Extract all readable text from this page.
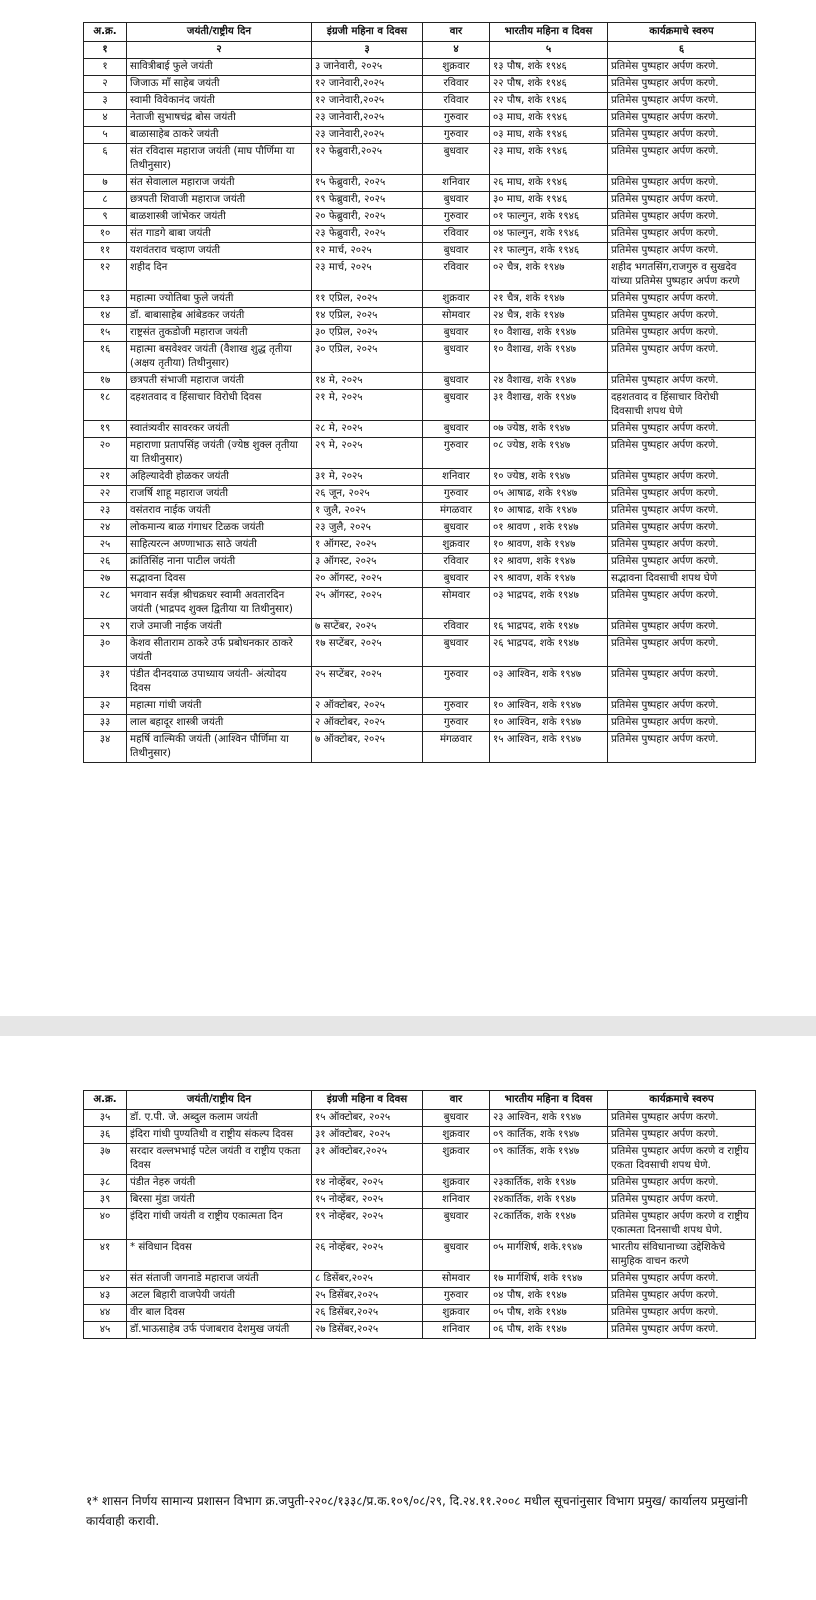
अ.क्र.	जयंती/राष्ट्रीय दिन	इंग्रजी महिना व दिवस	वार	भारतीय महिना व दिवस	कार्यक्रमाचे स्वरुप
१	२	३	४	५	६
१	सावित्रीबाई फुले जयंती	३ जानेवारी, २०२५	शुक्रवार	१३ पौष, शके १९४६	प्रतिमेस पुष्पहार अर्पण करणे.
२	जिजाऊ माँ साहेब जयंती	१२ जानेवारी,२०२५	रविवार	२२ पौष, शके १९४६	प्रतिमेस पुष्पहार अर्पण करणे.
३	स्वामी विवेकानंद जयंती	१२ जानेवारी,२०२५	रविवार	२२ पौष, शके १९४६	प्रतिमेस पुष्पहार अर्पण करणे.
४	नेताजी सुभाषचंद्र बोस जयंती	२३ जानेवारी,२०२५	गुरुवार	०३ माघ, शके १९४६	प्रतिमेस पुष्पहार अर्पण करणे.
५	बाळासाहेब ठाकरे जयंती	२३ जानेवारी,२०२५	गुरुवार	०३ माघ, शके १९४६	प्रतिमेस पुष्पहार अर्पण करणे.
६	संत रविदास महाराज जयंती (माघ पौर्णिमा या तिथीनुसार)	१२ फेब्रुवारी,२०२५	बुधवार	२३ माघ, शके १९४६	प्रतिमेस पुष्पहार अर्पण करणे.
७	संत सेवालाल महाराज जयंती	१५ फेब्रुवारी, २०२५	शनिवार	२६ माघ, शके १९४६	प्रतिमेस पुष्पहार अर्पण करणे.
८	छत्रपती शिवाजी महाराज जयंती	१९ फेब्रुवारी, २०२५	बुधवार	३० माघ, शके १९४६	प्रतिमेस पुष्पहार अर्पण करणे.
९	बाळशास्त्री जांभेकर जयंती	२० फेब्रुवारी, २०२५	गुरुवार	०१ फाल्गुन, शके १९४६	प्रतिमेस पुष्पहार अर्पण करणे.
१०	संत गाडगे बाबा जयंती	२३ फेब्रुवारी, २०२५	रविवार	०४ फाल्गुन, शके १९४६	प्रतिमेस पुष्पहार अर्पण करणे.
११	यशवंतराव चव्हाण जयंती	१२ मार्च, २०२५	बुधवार	२१ फाल्गुन, शके १९४६	प्रतिमेस पुष्पहार अर्पण करणे.
१२	शहीद दिन	२३ मार्च, २०२५	रविवार	०२ चैत्र, शके १९४७	शहीद भगतसिंग,राजगुरु व सुखदेव यांच्या प्रतिमेस पुष्पहार अर्पण करणे
१३	महात्मा ज्योतिबा फुले जयंती	११ एप्रिल, २०२५	शुक्रवार	२१ चैत्र, शके १९४७	प्रतिमेस पुष्पहार अर्पण करणे.
१४	डॉ. बाबासाहेब आंबेडकर जयंती	१४ एप्रिल, २०२५	सोमवार	२४ चैत्र, शके १९४७	प्रतिमेस पुष्पहार अर्पण करणे.
१५	राष्ट्रसंत तुकडोजी महाराज जयंती	३० एप्रिल, २०२५	बुधवार	१० वैशाख, शके १९४७	प्रतिमेस पुष्पहार अर्पण करणे.
१६	महात्मा बसवेश्वर जयंती (वैशाख शुद्ध तृतीया (अक्षय तृतीया) तिथीनुसार)	३० एप्रिल, २०२५	बुधवार	१० वैशाख, शके १९४७	प्रतिमेस पुष्पहार अर्पण करणे.
१७	छत्रपती संभाजी महाराज जयंती	१४ मे, २०२५	बुधवार	२४ वैशाख, शके १९४७	प्रतिमेस पुष्पहार अर्पण करणे.
१८	दहशतवाद व हिंसाचार विरोधी दिवस	२१ मे, २०२५	बुधवार	३१ वैशाख, शके १९४७	दहशतवाद व हिंसाचार विरोधी दिवसाची शपथ घेणे
१९	स्वातंत्र्यवीर सावरकर जयंती	२८ मे, २०२५	बुधवार	०७ ज्येष्ठ, शके १९४७	प्रतिमेस पुष्पहार अर्पण करणे.
२०	महाराणा प्रतापसिंह जयंती (ज्येष्ठ शुक्ल तृतीया या तिथीनुसार)	२९ मे, २०२५	गुरुवार	०८ ज्येष्ठ, शके १९४७	प्रतिमेस पुष्पहार अर्पण करणे.
२१	अहिल्यादेवी होळकर जयंती	३१ मे, २०२५	शनिवार	१० ज्येष्ठ, शके १९४७	प्रतिमेस पुष्पहार अर्पण करणे.
२२	राजर्षि शाहू महाराज जयंती	२६ जून, २०२५	गुरुवार	०५ आषाढ, शके १९४७	प्रतिमेस पुष्पहार अर्पण करणे.
२३	वसंतराव नाईक जयंती	१ जुलै, २०२५	मंगळवार	१० आषाढ, शके १९४७	प्रतिमेस पुष्पहार अर्पण करणे.
२४	लोकमान्य बाळ गंगाधर टिळक जयंती	२३ जुलै, २०२५	बुधवार	०१ श्रावण , शके १९४७	प्रतिमेस पुष्पहार अर्पण करणे.
२५	साहित्यरत्न अण्णाभाऊ साठे जयंती	१ ऑगस्ट, २०२५	शुक्रवार	१० श्रावण, शके १९४७	प्रतिमेस पुष्पहार अर्पण करणे.
२६	क्रांतिसिंह नाना पाटील जयंती	३ ऑगस्ट, २०२५	रविवार	१२ श्रावण, शके १९४७	प्रतिमेस पुष्पहार अर्पण करणे.
२७	सद्भावना दिवस	२० ऑगस्ट, २०२५	बुधवार	२९ श्रावण, शके १९४७	सद्भावना दिवसाची शपथ घेणे
२८	भगवान सर्वज्ञ श्रीचक्रधर स्वामी अवतारदिन जयंती (भाद्रपद शुक्ल द्वितीया या तिथीनुसार)	२५ ऑगस्ट, २०२५	सोमवार	०३ भाद्रपद, शके १९४७	प्रतिमेस पुष्पहार अर्पण करणे.
२९	राजे उमाजी नाईक जयंती	७ सप्टेंबर, २०२५	रविवार	१६ भाद्रपद, शके १९४७	प्रतिमेस पुष्पहार अर्पण करणे.
३०	केशव सीताराम ठाकरे उर्फ प्रबोधनकार ठाकरे जयंती	१७ सप्टेंबर, २०२५	बुधवार	२६ भाद्रपद, शके १९४७	प्रतिमेस पुष्पहार अर्पण करणे.
३१	पंडीत दीनदयाळ उपाध्याय जयंती- अंत्योदय दिवस	२५ सप्टेंबर, २०२५	गुरुवार	०३ आश्विन, शके १९४७	प्रतिमेस पुष्पहार अर्पण करणे.
३२	महात्मा गांधी जयंती	२ ऑक्टोबर, २०२५	गुरुवार	१० आश्विन, शके १९४७	प्रतिमेस पुष्पहार अर्पण करणे.
३३	लाल बहादूर शास्त्री जयंती	२ ऑक्टोबर, २०२५	गुरुवार	१० आश्विन, शके १९४७	प्रतिमेस पुष्पहार अर्पण करणे.
३४	महर्षि वाल्मिकी जयंती (आश्विन पौर्णिमा या तिथीनुसार)	७ ऑक्टोबर, २०२५	मंगळवार	१५ आश्विन, शके १९४७	प्रतिमेस पुष्पहार अर्पण करणे.
अ.क्र.	जयंती/राष्ट्रीय दिन	इंग्रजी महिना व दिवस	वार	भारतीय महिना व दिवस	कार्यक्रमाचे स्वरुप
३५	डॉ. ए.पी. जे. अब्दुल कलाम जयंती	१५ ऑक्टोबर, २०२५	बुधवार	२३ आश्विन, शके १९४७	प्रतिमेस पुष्पहार अर्पण करणे.
३६	इंदिरा गांधी पुण्यतिथी व राष्ट्रीय संकल्प दिवस	३१ ऑक्टोबर, २०२५	शुक्रवार	०९ कार्तिक, शके १९४७	प्रतिमेस पुष्पहार अर्पण करणे.
३७	सरदार वल्लभभाई पटेल जयंती व राष्ट्रीय एकता दिवस	३१ ऑक्टोबर,२०२५	शुक्रवार	०९ कार्तिक, शके १९४७	प्रतिमेस पुष्पहार अर्पण करणे व राष्ट्रीय एकता दिवसाची शपथ घेणे.
३८	पंडीत नेहरु जयंती	१४ नोव्हेंबर, २०२५	शुक्रवार	२३कार्तिक, शके १९४७	प्रतिमेस पुष्पहार अर्पण करणे.
३९	बिरसा मुंडा जयंती	१५ नोव्हेंबर, २०२५	शनिवार	२४कार्तिक, शके १९४७	प्रतिमेस पुष्पहार अर्पण करणे.
४०	इंदिरा गांधी जयंती व राष्ट्रीय एकात्मता दिन	१९ नोव्हेंबर, २०२५	बुधवार	२८कार्तिक, शके १९४७	प्रतिमेस पुष्पहार अर्पण करणे व राष्ट्रीय एकात्मता दिनसाची शपथ घेणे.
४१	* संविधान दिवस	२६ नोव्हेंबर, २०२५	बुधवार	०५ मार्गशिर्ष, शके.१९४७	भारतीय संविधानाच्या उद्देशिकेचे सामुहिक वाचन करणे
४२	संत संताजी जगनाडे महाराज जयंती	८ डिसेंबर,२०२५	सोमवार	१७ मार्गशिर्ष, शके १९४७	प्रतिमेस पुष्पहार अर्पण करणे.
४३	अटल बिहारी वाजपेयी जयंती	२५ डिसेंबर,२०२५	गुरुवार	०४ पौष, शके १९४७	प्रतिमेस पुष्पहार अर्पण करणे.
४४	वीर बाल दिवस	२६ डिसेंबर,२०२५	शुक्रवार	०५ पौष, शके १९४७	प्रतिमेस पुष्पहार अर्पण करणे.
४५	डॉ.भाऊसाहेब उर्फ पंजाबराव देशमुख जयंती	२७ डिसेंबर,२०२५	शनिवार	०६ पौष, शके १९४७	प्रतिमेस पुष्पहार अर्पण करणे.
१* शासन निर्णय सामान्य प्रशासन विभाग क्र.जपुती-२२०८/१३३८/प्र.क.१०९/०८/२९, दि.२४.११.२००८ मधील सूचनांनुसार विभाग प्रमुख/ कार्यालय प्रमुखांनी कार्यवाही करावी.
